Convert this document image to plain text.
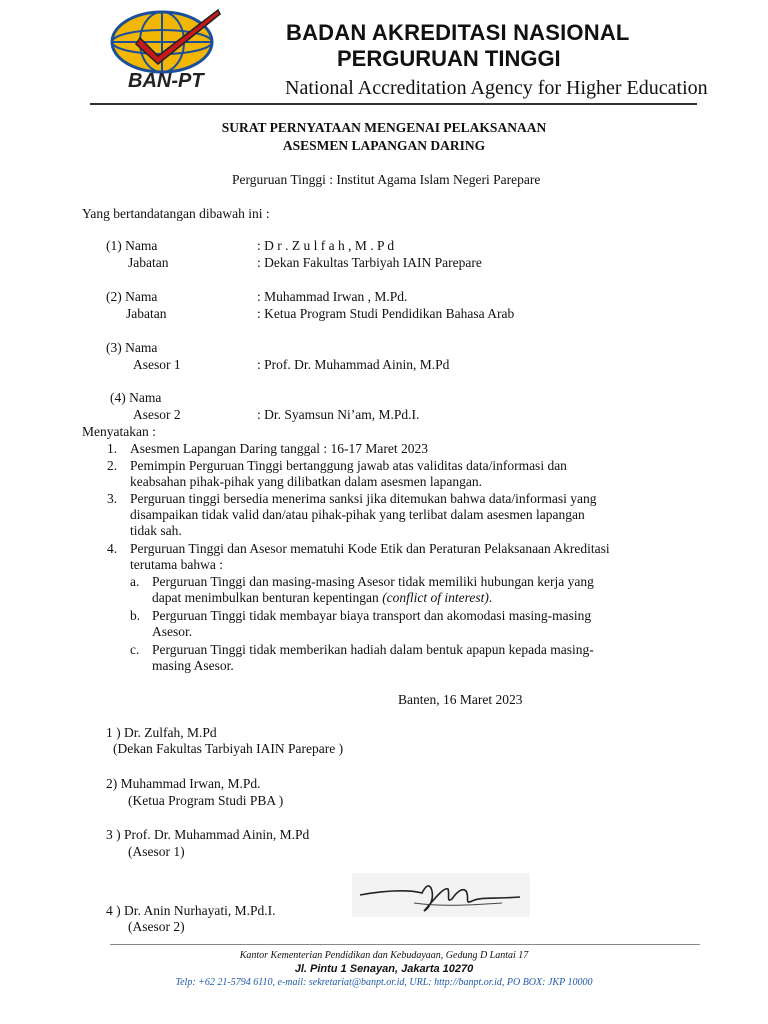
BAN-PT
BADAN AKREDITASI NASIONAL
PERGURUAN TINGGI
National Accreditation Agency for Higher Education
SURAT PERNYATAAN MENGENAI PELAKSANAAN
ASESMEN LAPANGAN DARING
Perguruan Tinggi : Institut Agama Islam Negeri Parepare
Yang bertandatangan dibawah ini :
(1) Nama	: D r . Z u l f a h , M . P d
Jabatan	: Dekan Fakultas Tarbiyah IAIN Parepare
(2) Nama	: Muhammad Irwan , M.Pd.
Jabatan	: Ketua Program Studi Pendidikan Bahasa Arab
(3) Nama
Asesor 1	: Prof. Dr. Muhammad Ainin, M.Pd
(4) Nama
Asesor 2	: Dr. Syamsun Ni’am, M.Pd.I.
Menyatakan :
1. Asesmen Lapangan Daring tanggal : 16-17 Maret 2023
2. Pemimpin Perguruan Tinggi bertanggung jawab atas validitas data/informasi dan
keabsahan pihak-pihak yang dilibatkan dalam asesmen lapangan.
3. Perguruan tinggi bersedia menerima sanksi jika ditemukan bahwa data/informasi yang
disampaikan tidak valid dan/atau pihak-pihak yang terlibat dalam asesmen lapangan
tidak sah.
4. Perguruan Tinggi dan Asesor mematuhi Kode Etik dan Peraturan Pelaksanaan Akreditasi
terutama bahwa :
a. Perguruan Tinggi dan masing-masing Asesor tidak memiliki hubungan kerja yang
dapat menimbulkan benturan kepentingan (conflict of interest).
b. Perguruan Tinggi tidak membayar biaya transport dan akomodasi masing-masing
Asesor.
c. Perguruan Tinggi tidak memberikan hadiah dalam bentuk apapun kepada masing-
masing Asesor.
Banten, 16 Maret 2023
1 ) Dr. Zulfah, M.Pd
(Dekan Fakultas Tarbiyah IAIN Parepare )
2) Muhammad Irwan, M.Pd.
(Ketua Program Studi PBA )
3 ) Prof. Dr. Muhammad Ainin, M.Pd
(Asesor 1)
4 ) Dr. Anin Nurhayati, M.Pd.I.
(Asesor 2)
Kantor Kementerian Pendidikan dan Kebudayaan, Gedung D Lantai 17
Jl. Pintu 1 Senayan, Jakarta 10270
Telp: +62 21-5794 6110, e-mail: sekretariat@banpt.or.id, URL: http://banpt.or.id, PO BOX: JKP 10000
